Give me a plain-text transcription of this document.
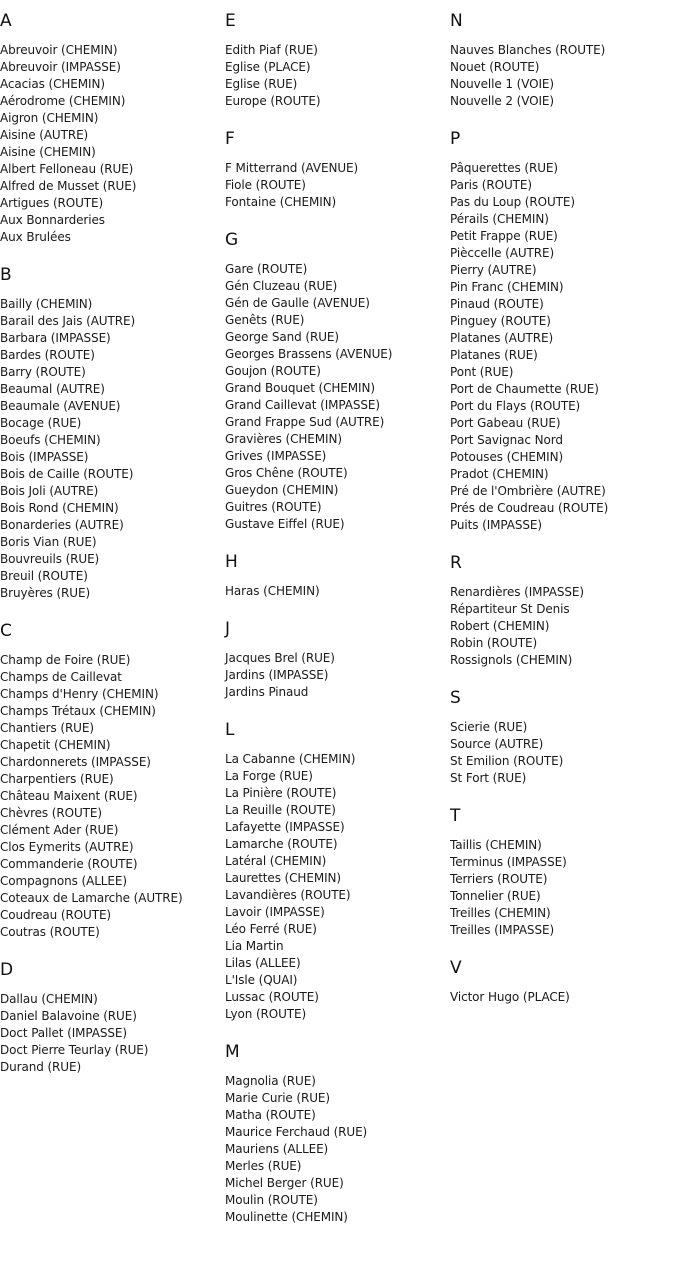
A
Abreuvoir (CHEMIN)
Abreuvoir (IMPASSE)
Acacias (CHEMIN)
Aérodrome (CHEMIN)
Aigron (CHEMIN)
Aisine (AUTRE)
Aisine (CHEMIN)
Albert Felloneau (RUE)
Alfred de Musset (RUE)
Artigues (ROUTE)
Aux Bonnarderies
Aux Brulées
B
Bailly (CHEMIN)
Barail des Jais (AUTRE)
Barbara (IMPASSE)
Bardes (ROUTE)
Barry (ROUTE)
Beaumal (AUTRE)
Beaumale (AVENUE)
Bocage (RUE)
Boeufs (CHEMIN)
Bois (IMPASSE)
Bois de Caille (ROUTE)
Bois Joli (AUTRE)
Bois Rond (CHEMIN)
Bonarderies (AUTRE)
Boris Vian (RUE)
Bouvreuils (RUE)
Breuil (ROUTE)
Bruyères (RUE)
C
Champ de Foire (RUE)
Champs de Caillevat
Champs d'Henry (CHEMIN)
Champs Trétaux (CHEMIN)
Chantiers (RUE)
Chapetit (CHEMIN)
Chardonnerets (IMPASSE)
Charpentiers (RUE)
Château Maixent (RUE)
Chèvres (ROUTE)
Clément Ader (RUE)
Clos Eymerits (AUTRE)
Commanderie (ROUTE)
Compagnons (ALLEE)
Coteaux de Lamarche (AUTRE)
Coudreau (ROUTE)
Coutras (ROUTE)
D
Dallau (CHEMIN)
Daniel Balavoine (RUE)
Doct Pallet (IMPASSE)
Doct Pierre Teurlay (RUE)
Durand (RUE)
E
Edith Piaf (RUE)
Eglise (PLACE)
Eglise (RUE)
Europe (ROUTE)
F
F Mitterrand (AVENUE)
Fiole (ROUTE)
Fontaine (CHEMIN)
G
Gare (ROUTE)
Gén Cluzeau (RUE)
Gén de Gaulle (AVENUE)
Genêts (RUE)
George Sand (RUE)
Georges Brassens (AVENUE)
Goujon (ROUTE)
Grand Bouquet (CHEMIN)
Grand Caillevat (IMPASSE)
Grand Frappe Sud (AUTRE)
Gravières (CHEMIN)
Grives (IMPASSE)
Gros Chêne (ROUTE)
Gueydon (CHEMIN)
Guitres (ROUTE)
Gustave Eiffel (RUE)
H
Haras (CHEMIN)
J
Jacques Brel (RUE)
Jardins (IMPASSE)
Jardins Pinaud
L
La Cabanne (CHEMIN)
La Forge (RUE)
La Pinière (ROUTE)
La Reuille (ROUTE)
Lafayette (IMPASSE)
Lamarche (ROUTE)
Latéral (CHEMIN)
Laurettes (CHEMIN)
Lavandières (ROUTE)
Lavoir (IMPASSE)
Léo Ferré (RUE)
Lia Martin
Lilas (ALLEE)
L'Isle (QUAI)
Lussac (ROUTE)
Lyon (ROUTE)
M
Magnolia (RUE)
Marie Curie (RUE)
Matha (ROUTE)
Maurice Ferchaud (RUE)
Mauriens (ALLEE)
Merles (RUE)
Michel Berger (RUE)
Moulin (ROUTE)
Moulinette (CHEMIN)
N
Nauves Blanches (ROUTE)
Nouet (ROUTE)
Nouvelle 1 (VOIE)
Nouvelle 2 (VOIE)
P
Pâquerettes (RUE)
Paris (ROUTE)
Pas du Loup (ROUTE)
Pérails (CHEMIN)
Petit Frappe (RUE)
Pièccelle (AUTRE)
Pierry (AUTRE)
Pin Franc (CHEMIN)
Pinaud (ROUTE)
Pinguey (ROUTE)
Platanes (AUTRE)
Platanes (RUE)
Pont (RUE)
Port de Chaumette (RUE)
Port du Flays (ROUTE)
Port Gabeau (RUE)
Port Savignac Nord
Potouses (CHEMIN)
Pradot (CHEMIN)
Pré de l'Ombrière (AUTRE)
Prés de Coudreau (ROUTE)
Puits (IMPASSE)
R
Renardières (IMPASSE)
Répartiteur St Denis
Robert (CHEMIN)
Robin (ROUTE)
Rossignols (CHEMIN)
S
Scierie (RUE)
Source (AUTRE)
St Emilion (ROUTE)
St Fort (RUE)
T
Taillis (CHEMIN)
Terminus (IMPASSE)
Terriers (ROUTE)
Tonnelier (RUE)
Treilles (CHEMIN)
Treilles (IMPASSE)
V
Victor Hugo (PLACE)
